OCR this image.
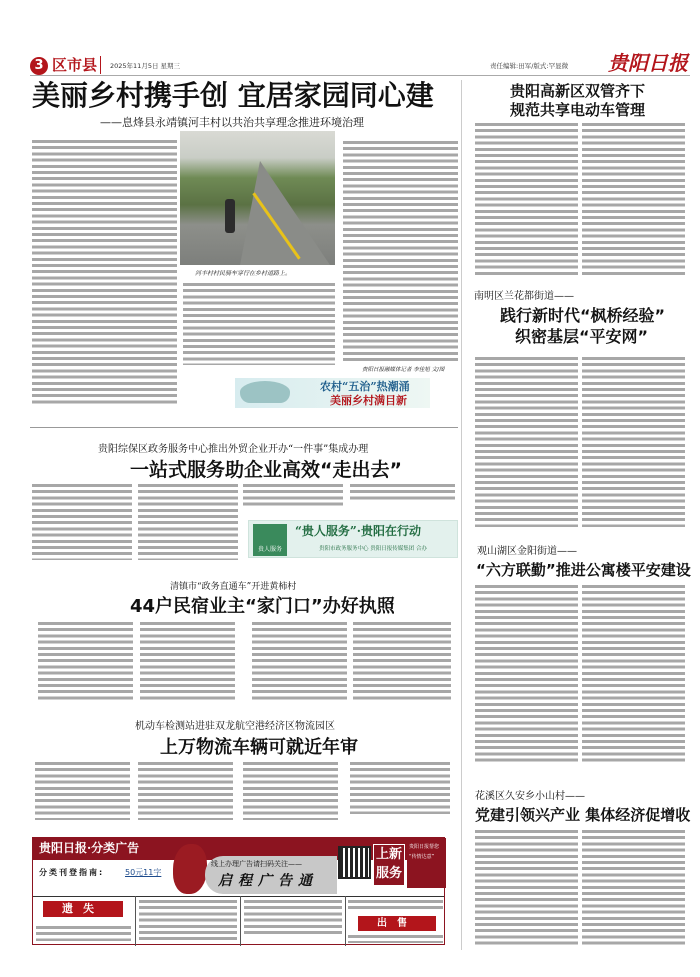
3 区市县	2025年11月5日 星期三	责任编辑:田军/版式:罕显微 贵阳日报
美丽乡村携手创 宜居家园同心建
——息烽县永靖镇河丰村以共治共享理念推进环境治理
河丰村村民骑车穿行在乡村道路上。
贵阳日报融媒体记者 李佳旭 文/图
农村“五治”热潮涌
美丽乡村满目新
贵阳高新区双管齐下
规范共享电动车管理
南明区兰花都街道——
践行新时代“枫桥经验”
织密基层“平安网”
观山湖区金阳街道——
“六方联勤”推进公寓楼平安建设
花溪区久安乡小山村——
党建引领兴产业 集体经济促增收
贵阳综保区政务服务中心推出外贸企业开办“一件事”集成办理
一站式服务助企业高效“走出去”
贵人服务
“贵人服务”·贵阳在行动
贵阳市政务服务中心 贵阳日报传媒集团 合办
清镇市“政务直通车”开进黄柿村
44户民宿业主“家门口”办好执照
机动车检测站进驻双龙航空港经济区物流园区
上万物流车辆可就近年审
贵阳日报·分类广告
分类刊登指南:	50元11字
线上办理广告请扫码关注——
启程广告通
上新服务
贵阳日报帮您
“传情达意”
遗失
出售
